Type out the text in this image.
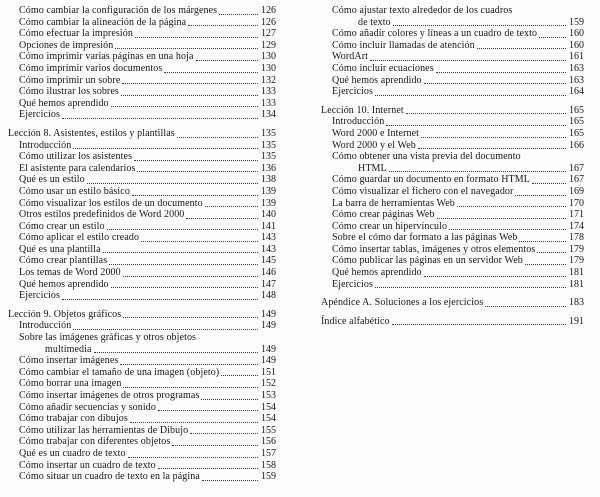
Cómo cambiar la configuración de los márgenes	126
Cómo cambiar la alineación de la página	126
Cómo efectuar la impresión	127
Opciones de impresión	129
Cómo imprimir varias páginas en una hoja	130
Cómo imprimir varios documentos	130
Cómo imprimir un sobre	132
Cómo ilustrar los sobres	133
Qué hemos aprendido	133
Ejercicios	134
Lección 8. Asistentes, estilos y plantillas	135
Introducción	135
Cómo utilizar los asistentes	135
El asistente para calendarios	136
Qué es un estilo	138
Cómo usar un estilo básico	139
Cómo visualizar los estilos de un documento	139
Otros estilos predefinidos de Word 2000	140
Cómo crear un estilo	141
Cómo aplicar el estilo creado	143
Qué es una plantilla	143
Cómo crear plantillas	145
Los temas de Word 2000	146
Qué hemos aprendido	147
Ejercicios	148
Lección 9. Objetos gráficos	149
Introducción	149
Sobre las imágenes gráficas y otros objetos
multimedia	149
Cómo insertar imágenes	149
Cómo cambiar el tamaño de una imagen (objeto)	151
Cómo borrar una imagen	152
Cómo insertar imágenes de otros programas	153
Cómo añadir secuencias y sonido	154
Cómo trabajar con dibujos	154
Cómo utilizar las herramientas de Dibujo	155
Cómo trabajar con diferentes objetos	156
Qué es un cuadro de texto	157
Cómo insertar un cuadro de texto	158
Cómo situar un cuadro de texto en la página	159
Cómo ajustar texto alrededor de los cuadros
de texto	159
Cómo añadir colores y líneas a un cuadro de texto	160
Cómo incluir llamadas de atención	160
WordArt	161
Cómo incluir ecuaciones	163
Qué hemos aprendido	163
Ejercicios	164
Lección 10. Internet	165
Introducción	165
Word 2000 e Internet	165
Word 2000 y el Web	166
Cómo obtener una vista previa del documento
HTML	167
Cómo guardar un documento en formato HTML	167
Cómo visualizar el fichero con el navegador	169
La barra de herramientas Web	170
Cómo crear páginas Web	171
Cómo crear un hipervínculo	174
Sobre el cómo dar formato a las páginas Web	178
Cómo insertar tablas, imágenes y otros elementos	179
Cómo publicar las páginas en un servidor Web	179
Qué hemos aprendido	181
Ejercicios	181
Apéndice A. Soluciones a los ejercicios	183
Índice alfabético	191
